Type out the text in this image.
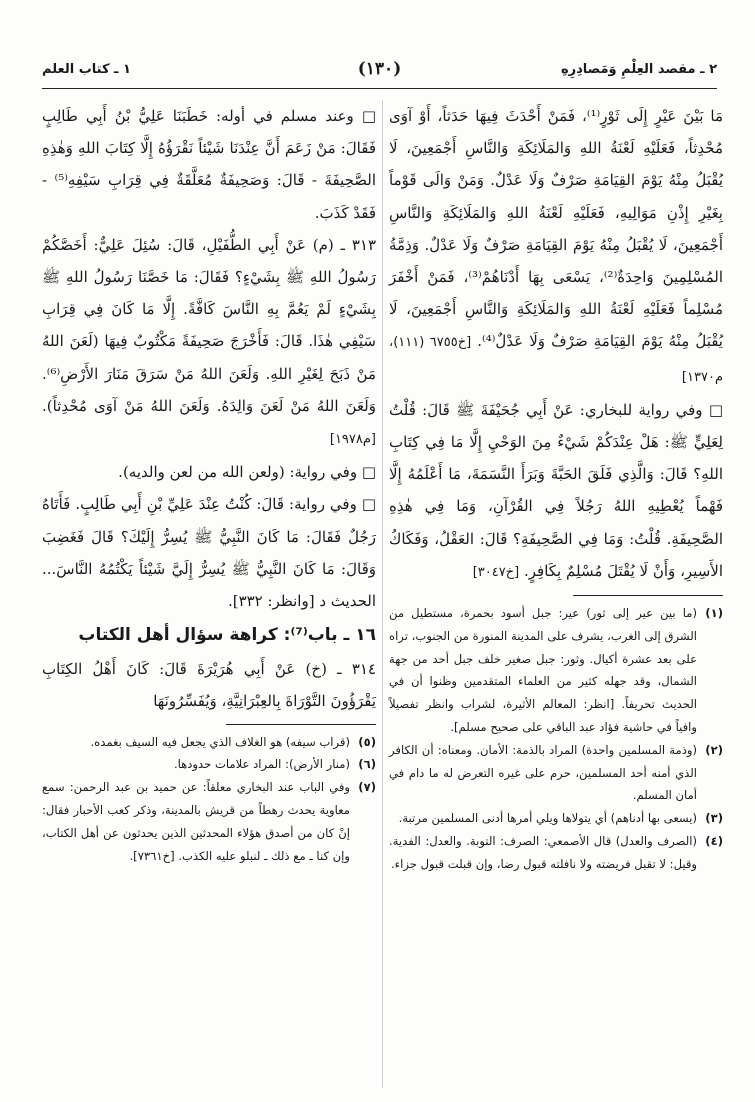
١ ـ كتاب العلم	(١٣٠)	٢ ـ مقصد العِلْمِ وَمَصادِرِهِ

مَا بَيْنَ عَيْرٍ إِلَى ثَوْرٍ⁽¹⁾، فَمَنْ أَحْدَثَ فِيهَا حَدَثاً، أَوْ آوَى مُحْدِثاً، فَعَلَيْهِ لَعْنَةُ اللهِ وَالمَلَائِكَةِ وَالنَّاسِ أَجْمَعِينَ، لَا يُقْبَلُ مِنْهُ يَوْمَ القِيَامَةِ صَرْفٌ وَلَا عَدْلٌ. وَمَنْ وَالَى قَوْماً بِغَيْرِ إِذْنِ مَوَالِيهِ، فَعَلَيْهِ لَعْنَةُ اللهِ وَالمَلَائِكَةِ وَالنَّاسِ أَجْمَعِينَ، لَا يُقْبَلُ مِنْهُ يَوْمَ القِيَامَةِ صَرْفٌ وَلَا عَدْلٌ. وَذِمَّةُ المُسْلِمِينَ وَاحِدَةٌ⁽²⁾، يَسْعَى بِهَا أَدْنَاهُمْ⁽³⁾، فَمَنْ أَخْفَرَ مُسْلِماً فَعَلَيْهِ لَعْنَةُ اللهِ وَالمَلَائِكَةِ وَالنَّاسِ أَجْمَعِينَ، لَا يُقْبَلُ مِنْهُ يَوْمَ القِيَامَةِ صَرْفٌ وَلَا عَدْلٌ⁽⁴⁾. [خ٦٧٥٥ (١١١)، م١٣٧٠]

□ وفي رواية للبخاري: عَنْ أَبِي جُحَيْفَةَ ﷺ قَالَ: قُلْتُ لِعَلِيٍّ ﷺ: هَلْ عِنْدَكُمْ شَيْءٌ مِنَ الوَحْيِ إِلَّا مَا فِي كِتَابِ اللهِ؟ قَالَ: وَالَّذِي فَلَقَ الحَبَّةَ وَبَرَأَ النَّسَمَةَ، مَا أَعْلَمُهُ إِلَّا فَهْماً يُعْطِيهِ اللهُ رَجُلاً فِي القُرْآنِ، وَمَا فِي هٰذِهِ الصَّحِيفَةِ. قُلْتُ: وَمَا فِي الصَّحِيفَةِ؟ قَالَ: العَقْلُ، وَفَكَاكُ الأَسِيرِ، وَأَنْ لَا يُقْتَلَ مُسْلِمٌ بِكَافِرٍ. [خ٣٠٤٧]

(١)
(ما بين عير إلى ثور) عير: جبل أسود بحمرة، مستطيل من الشرق إلى الغرب، يشرف على المدينة المنورة من الجنوب، تراه على بعد عشرة أكيال. وثور: جبل صغير خلف جبل أحد من جهة الشمال، وقد جهله كثير من العلماء المتقدمين وظنوا أن في الحديث تحريفاً. [انظر: المعالم الأثيرة، لشراب وانظر تفصيلاً وافياً في حاشية فؤاد عبد الباقي على صحيح مسلم].
(٢)
(وذمة المسلمين واحدة) المراد بالذمة: الأمان. ومعناه: أن الكافر الذي أمنه أحد المسلمين، حرم على غيره التعرض له ما دام في أمان المسلم.
(٣)
(يسعى بها أدناهم) أي يتولاها ويلي أمرها أدنى المسلمين مرتبة.
(٤)
(الصرف والعدل) قال الأصمعي: الصرف: التوبة. والعدل: الفدية. وقيل: لا تقبل فريضته ولا نافلته قبول رضا، وإن قبلت قبول جزاء.

□ وعند مسلم في أوله: خَطَبَنَا عَلِيُّ بْنُ أَبِي طَالِبٍ فَقَالَ: مَنْ زَعَمَ أَنَّ عِنْدَنَا شَيْئاً نَقْرَؤُهُ إِلَّا كِتَابَ اللهِ وَهٰذِهِ الصَّحِيفَةَ - قَالَ: وَصَحِيفَةٌ مُعَلَّقَةٌ فِي قِرَابِ سَيْفِهِ⁽⁵⁾ - فَقَدْ كَذَبَ.

٣١٣ ـ (م) عَنْ أَبِي الطُّفَيْلِ، قَالَ: سُئِلَ عَلِيٌّ: أَخَصَّكُمْ رَسُولُ اللهِ ﷺ بِشَيْءٍ؟ فَقَالَ: مَا خَصَّنَا رَسُولُ اللهِ ﷺ بِشَيْءٍ لَمْ يَعُمَّ بِهِ النَّاسَ كَافَّةً. إِلَّا مَا كَانَ فِي قِرَابِ سَيْفِي هٰذَا. قَالَ: فَأَخْرَجَ صَحِيفَةً مَكْتُوبٌ فِيهَا (لَعَنَ اللهُ مَنْ ذَبَحَ لِغَيْرِ اللهِ. وَلَعَنَ اللهُ مَنْ سَرَقَ مَنَارَ الأَرْضِ⁽⁶⁾. وَلَعَنَ اللهُ مَنْ لَعَنَ وَالِدَهُ. وَلَعَنَ اللهُ مَنْ آوَى مُحْدِثاً). [م١٩٧٨]

□ وفي رواية: (ولعن الله من لعن والديه).

□ وفي رواية: قَالَ: كُنْتُ عِنْدَ عَلِيِّ بْنِ أَبِي طَالِبٍ. فَأَتَاهُ رَجُلٌ فَقَالَ: مَا كَانَ النَّبِيُّ ﷺ يُسِرُّ إِلَيْكَ؟ قَالَ فَغَضِبَ وَقَالَ: مَا كَانَ النَّبِيُّ ﷺ يُسِرُّ إِلَيَّ شَيْئاً يَكْتُمُهُ النَّاسَ... الحديث د [وانظر: ٣٣٢].

١٦ ـ باب⁽⁷⁾: كراهة سؤال أهل الكتاب

٣١٤ ـ (خ) عَنْ أَبِي هُرَيْرَةَ قَالَ: كَانَ أَهْلُ الكِتَابِ يَقْرَؤُونَ التَّوْرَاةَ بِالعِبْرَانِيَّةِ، وَيُفَسِّرُونَهَا

(٥)
(قراب سيفه) هو الغلاف الذي يجعل فيه السيف بغمده.
(٦)
(منار الأرض): المراد علامات حدودها.
(٧)
وفي الباب عند البخاري معلقاً: عن حميد بن عبد الرحمن: سمع معاوية يحدث رهطاً من قريش بالمدينة، وذكر كعب الأحبار فقال: إنْ كان من أصدق هؤلاء المحدثين الذين يحدثون عن أهل الكتاب، وإن كنا ـ مع ذلك ـ لنبلو عليه الكذب. [خ٧٣٦١].
